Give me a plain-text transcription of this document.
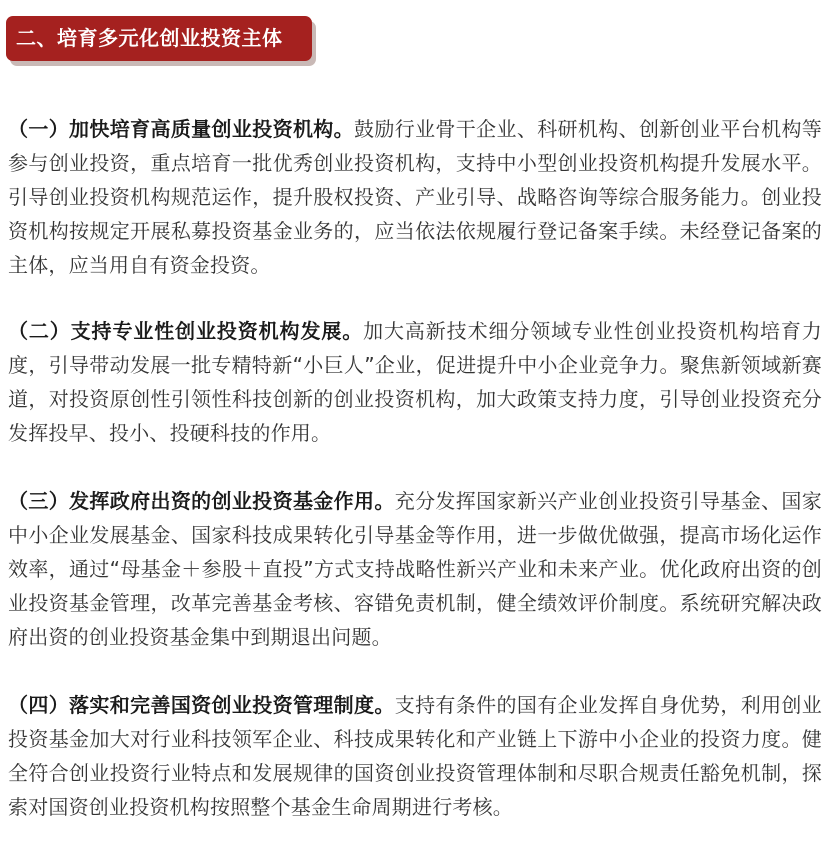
二、培育多元化创业投资主体

（一）加快培育高质量创业投资机构。鼓励行业骨干企业、科研机构、创新创业平台机构等参与创业投资，重点培育一批优秀创业投资机构，支持中小型创业投资机构提升发展水平。引导创业投资机构规范运作，提升股权投资、产业引导、战略咨询等综合服务能力。创业投资机构按规定开展私募投资基金业务的，应当依法依规履行登记备案手续。未经登记备案的主体，应当用自有资金投资。

（二）支持专业性创业投资机构发展。加大高新技术细分领域专业性创业投资机构培育力度，引导带动发展一批专精特新“小巨人”企业，促进提升中小企业竞争力。聚焦新领域新赛道，对投资原创性引领性科技创新的创业投资机构，加大政策支持力度，引导创业投资充分发挥投早、投小、投硬科技的作用。

（三）发挥政府出资的创业投资基金作用。充分发挥国家新兴产业创业投资引导基金、国家中小企业发展基金、国家科技成果转化引导基金等作用，进一步做优做强，提高市场化运作效率，通过“母基金＋参股＋直投”方式支持战略性新兴产业和未来产业。优化政府出资的创业投资基金管理，改革完善基金考核、容错免责机制，健全绩效评价制度。系统研究解决政府出资的创业投资基金集中到期退出问题。

（四）落实和完善国资创业投资管理制度。支持有条件的国有企业发挥自身优势，利用创业投资基金加大对行业科技领军企业、科技成果转化和产业链上下游中小企业的投资力度。健全符合创业投资行业特点和发展规律的国资创业投资管理体制和尽职合规责任豁免机制，探索对国资创业投资机构按照整个基金生命周期进行考核。
